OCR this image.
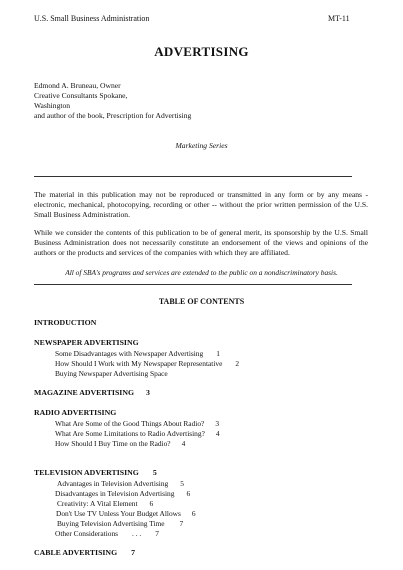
U.S. Small Business Administration	MT-11
ADVERTISING
Edmond A. Bruneau, Owner
Creative Consultants Spokane,
Washington
and author of the book, Prescription for Advertising
Marketing Series
The material in this publication may not be reproduced or transmitted in any form or by any means - electronic, mechanical, photocopying, recording or other -- without the prior written permission of the U.S. Small Business Administration.
While we consider the contents of this publication to be of general merit, its sponsorship by the U.S. Small Business Administration does not necessarily constitute an endorsement of the views and opinions of the authors or the products and services of the companies with which they are affiliated.
All of SBA's programs and services are extended to the public on a nondiscriminatory basis.
TABLE OF CONTENTS
INTRODUCTION
NEWSPAPER ADVERTISING
Some Disadvantages with Newspaper Advertising 1
How Should I Work with My Newspaper Representative 2
Buying Newspaper Advertising Space
MAGAZINE ADVERTISING 3
RADIO ADVERTISING
What Are Some of the Good Things About Radio? 3
What Are Some Limitations to Radio Advertising? 4
How Should I Buy Time on the Radio? 4
TELEVISION ADVERTISING 5
Advantages in Television Advertising 5
Disadvantages in Television Advertising 6
Creativity: A Vital Element 6
Don't Use TV Unless Your Budget Allows 6
Buying Television Advertising Time 7
Other Considerations . . . 7
CABLE ADVERTISING 7
